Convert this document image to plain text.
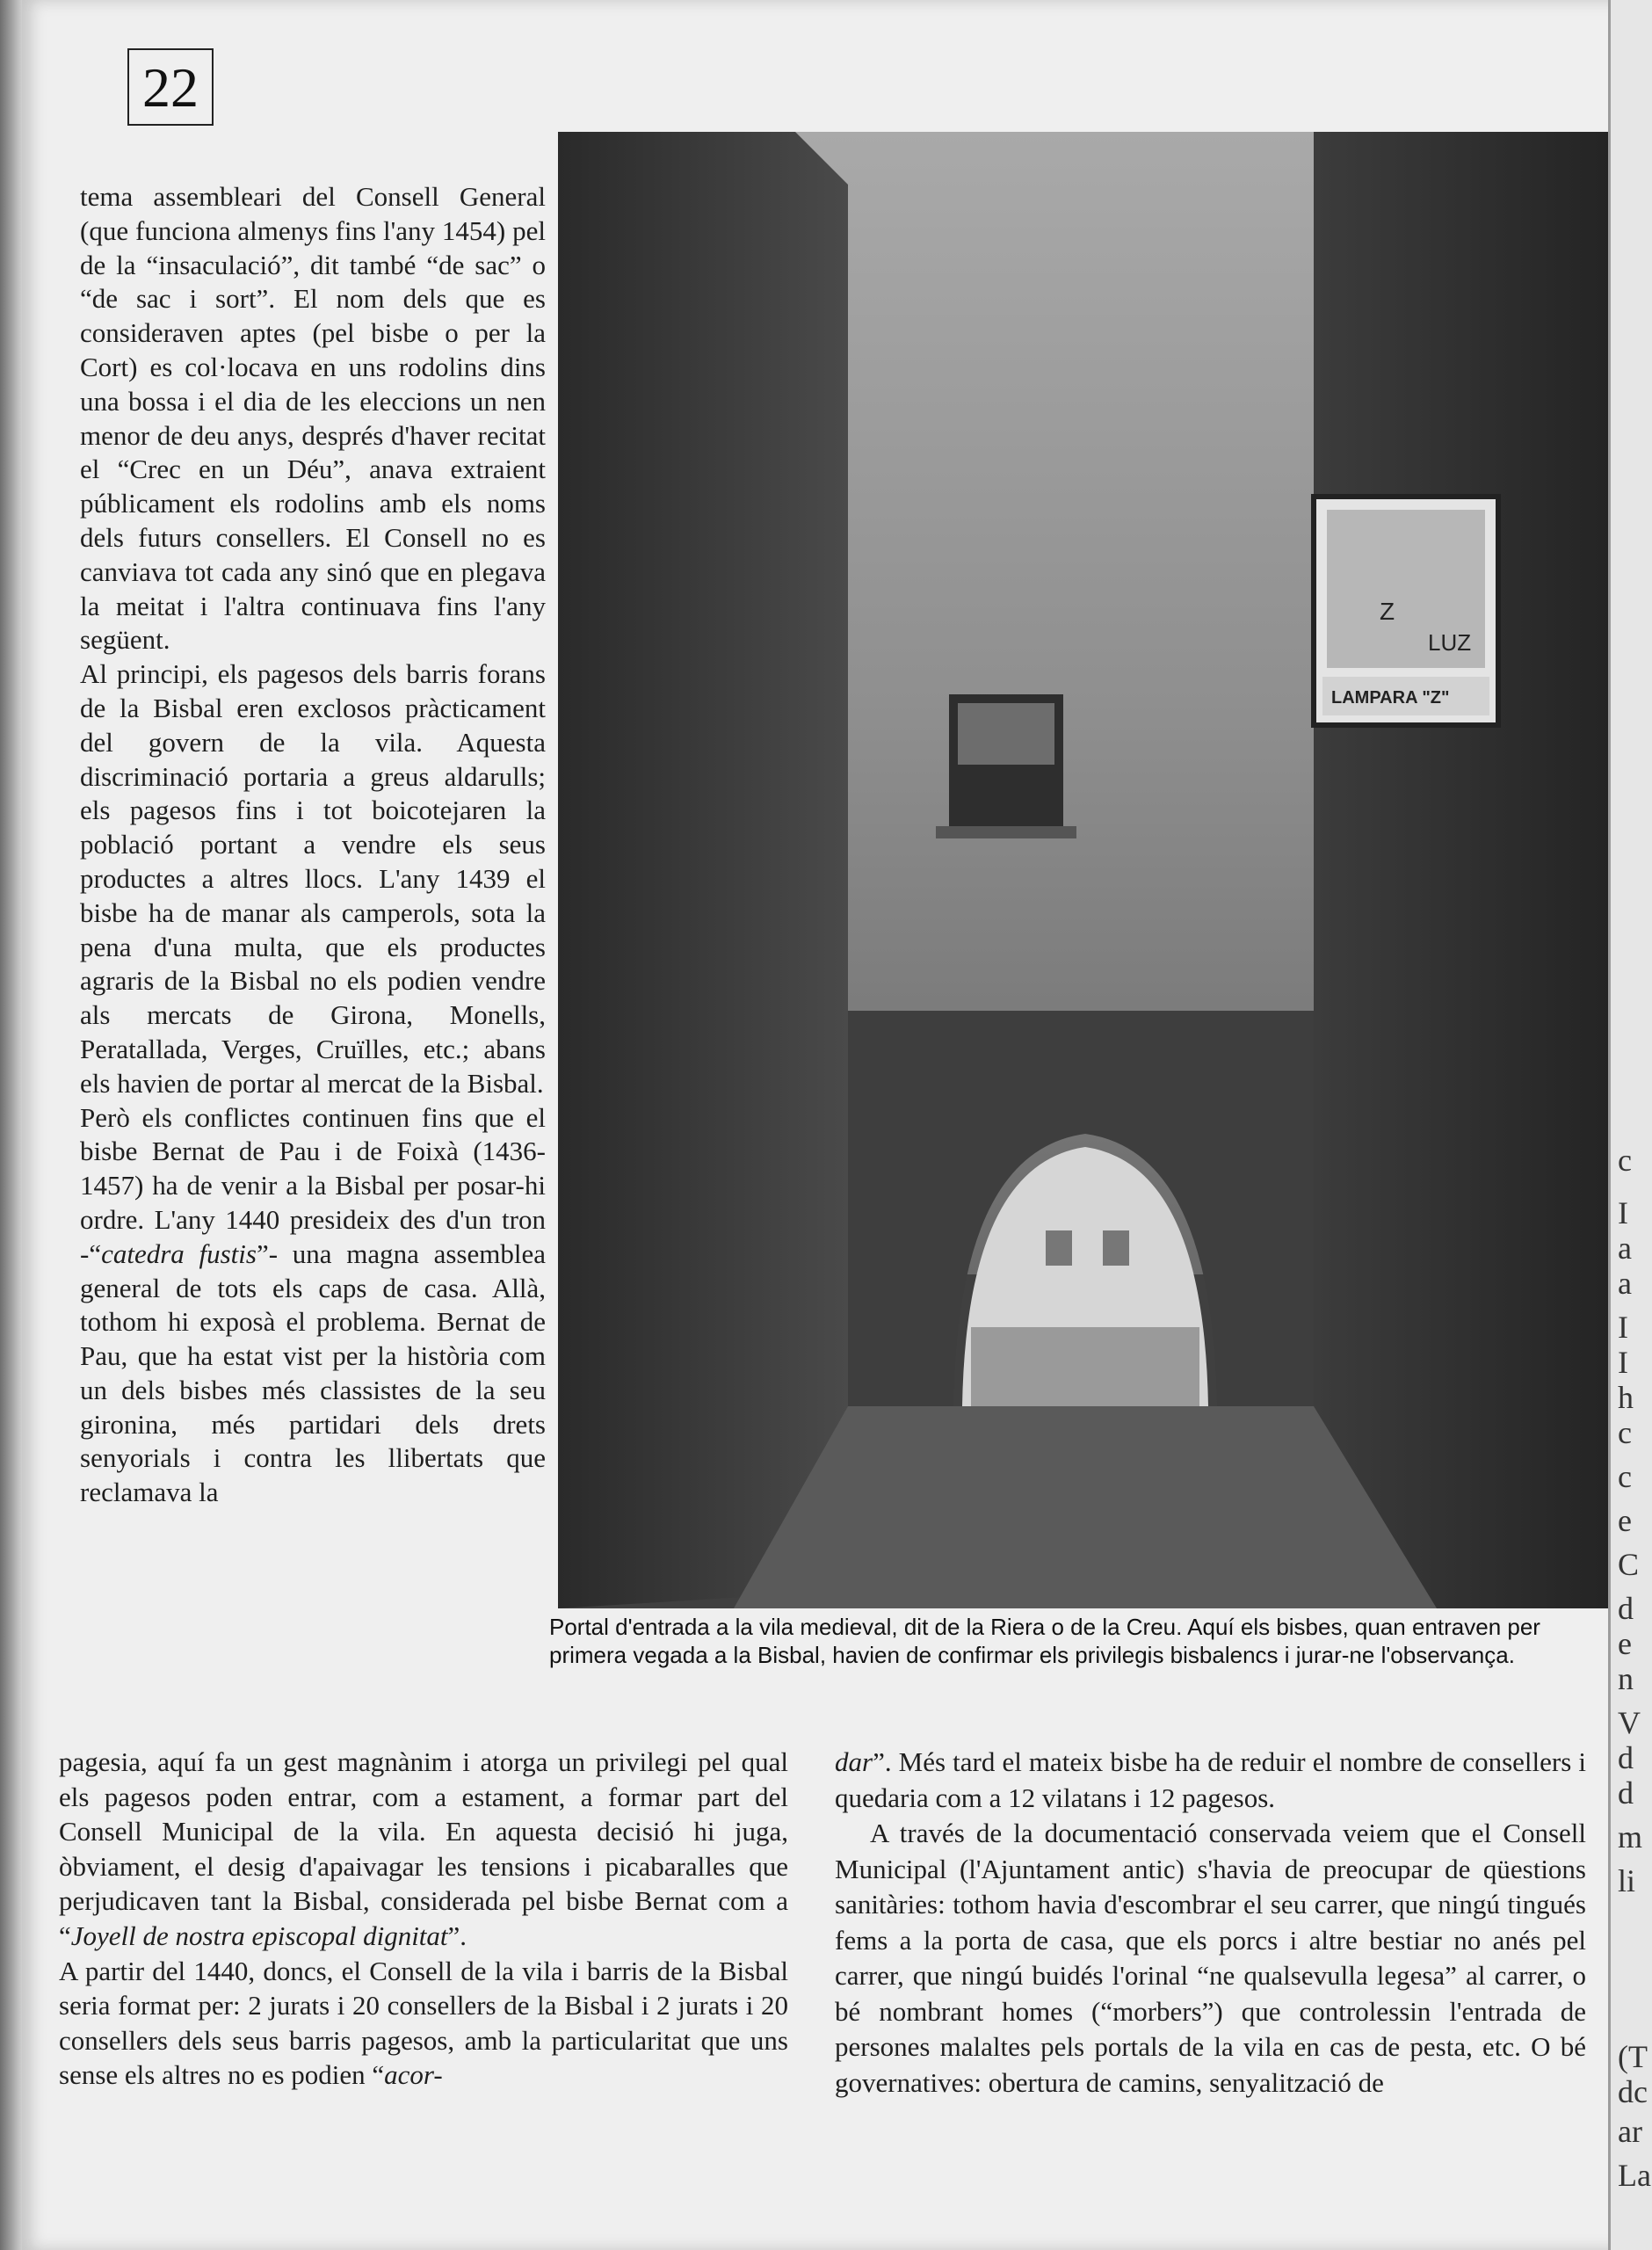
22

tema assembleari del Consell General (que funciona almenys fins l'any 1454) pel de la “insaculació”, dit també “de sac” o “de sac i sort”. El nom dels que es consideraven aptes (pel bisbe o per la Cort) es col·locava en uns rodolins dins una bossa i el dia de les eleccions un nen menor de deu anys, després d'haver recitat el “Crec en un Déu”, anava extraient públicament els rodolins amb els noms dels futurs consellers. El Consell no es canviava tot cada any sinó que en plegava la meitat i l'altra continuava fins l'any següent.

Al principi, els pagesos dels barris forans de la Bisbal eren exclosos pràcticament del govern de la vila. Aquesta discriminació portaria a greus aldarulls; els pagesos fins i tot boicotejaren la població portant a vendre els seus productes a altres llocs. L'any 1439 el bisbe ha de manar als camperols, sota la pena d'una multa, que els productes agraris de la Bisbal no els podien vendre als mercats de Girona, Monells, Peratallada, Verges, Cruïlles, etc.; abans els havien de portar al mercat de la Bisbal.

Però els conflictes continuen fins que el bisbe Bernat de Pau i de Foixà (1436-1457) ha de venir a la Bisbal per posar-hi ordre. L'any 1440 presideix des d'un tron -“catedra fustis”- una magna assemblea general de tots els caps de casa. Allà, tothom hi exposà el problema. Bernat de Pau, que ha estat vist per la història com un dels bisbes més classistes de la seu gironina, més partidari dels drets senyorials i contra les llibertats que reclamava la

Z
LUZ
LAMPARA "Z"
Portal d'entrada a la vila medieval, dit de la Riera o de la Creu. Aquí els bisbes, quan entraven per primera vegada a la Bisbal, havien de confirmar els privilegis bisbalencs i jurar-ne l'observança.

pagesia, aquí fa un gest magnànim i atorga un privilegi pel qual els pagesos poden entrar, com a estament, a formar part del Consell Municipal de la vila. En aquesta decisió hi juga, òbviament, el desig d'apaivagar les tensions i picabaralles que perjudicaven tant la Bisbal, considerada pel bisbe Bernat com a “Joyell de nostra episcopal dignitat”.

A partir del 1440, doncs, el Consell de la vila i barris de la Bisbal seria format per: 2 jurats i 20 consellers de la Bisbal i 2 jurats i 20 consellers dels seus barris pagesos, amb la particularitat que uns sense els altres no es podien “acor-

dar”. Més tard el mateix bisbe ha de reduir el nombre de consellers i quedaria com a 12 vilatans i 12 pagesos.

A través de la documentació conservada veiem que el Consell Municipal (l'Ajuntament antic) s'havia de preocupar de qüestions sanitàries: tothom havia d'escombrar el seu carrer, que ningú tingués fems a la porta de casa, que els porcs i altre bestiar no anés pel carrer, que ningú buidés l'orinal “ne qualsevulla legesa” al carrer, o bé nombrant homes (“morbers”) que controlessin l'entrada de persones malaltes pels portals de la vila en cas de pesta, etc. O bé governatives: obertura de camins, senyalització de

c
I
a
a
I
I
h
c
c
e
C
d
e
n
V
d
d
m
li
(T
dc
ar
La
